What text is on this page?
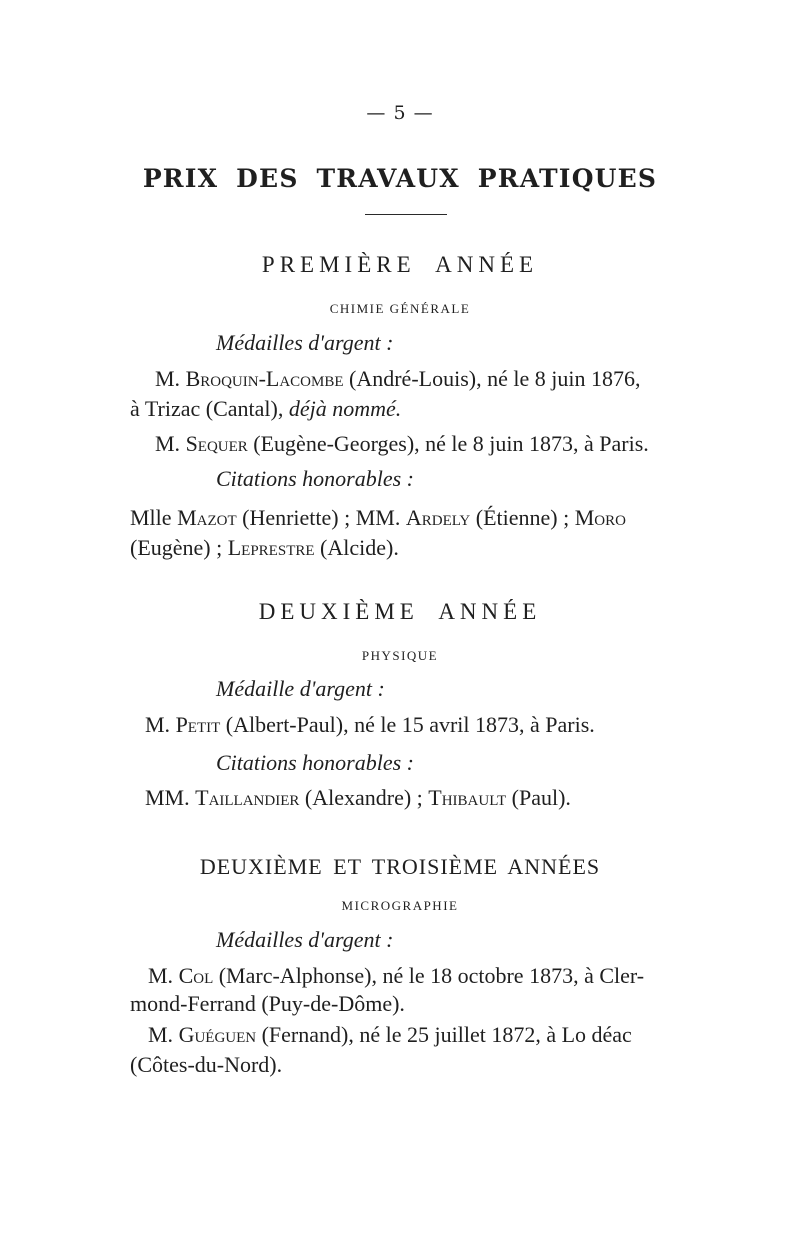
— 5 —
PRIX DES TRAVAUX PRATIQUES
PREMIÈRE ANNÉE
CHIMIE GÉNÉRALE
Médailles d'argent :
M. Broquin-Lacombe (André-Louis), né le 8 juin 1876,
à Trizac (Cantal), déjà nommé.
M. Sequer (Eugène-Georges), né le 8 juin 1873, à Paris.
Citations honorables :
Mlle Mazot (Henriette) ; MM. Ardely (Étienne) ; Moro
(Eugène) ; Leprestre (Alcide).
DEUXIÈME ANNÉE
PHYSIQUE
Médaille d'argent :
M. Petit (Albert-Paul), né le 15 avril 1873, à Paris.
Citations honorables :
MM. Taillandier (Alexandre) ; Thibault (Paul).
DEUXIÈME ET TROISIÈME ANNÉES
MICROGRAPHIE
Médailles d'argent :
M. Col (Marc-Alphonse), né le 18 octobre 1873, à Cler-
mond-Ferrand (Puy-de-Dôme).
M. Guéguen (Fernand), né le 25 juillet 1872, à Lo déac
(Côtes-du-Nord).
